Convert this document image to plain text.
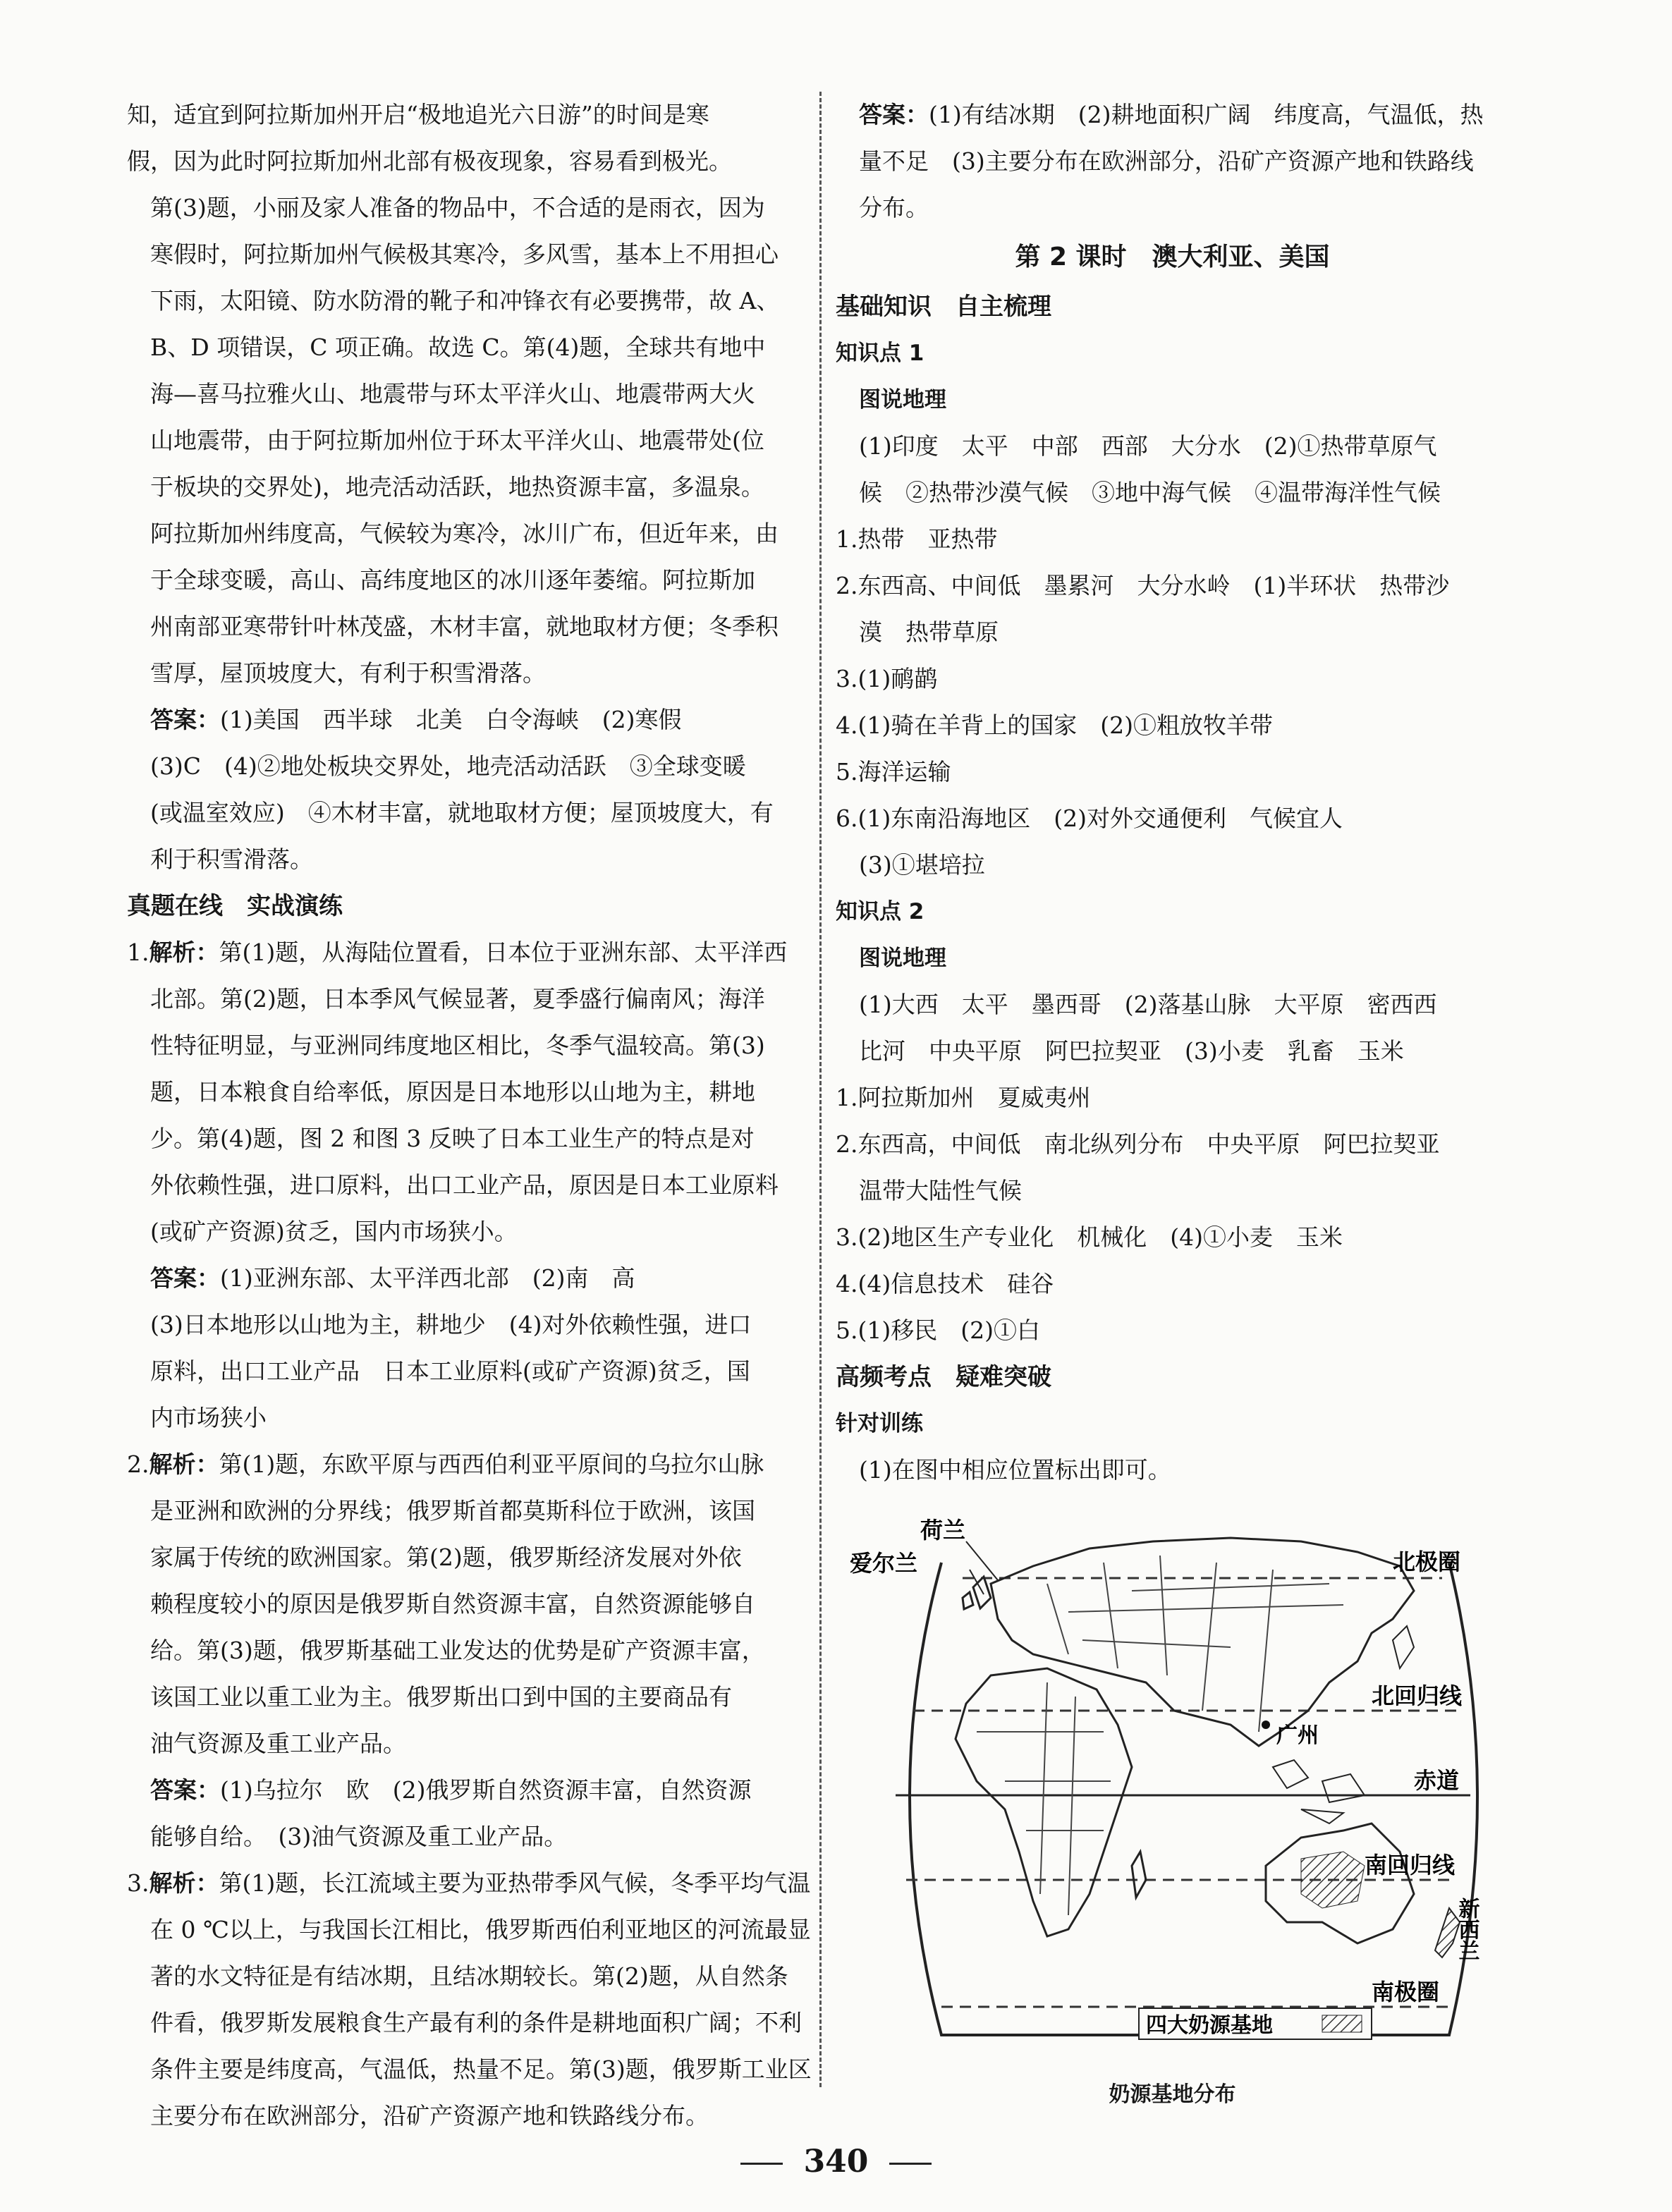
知，适宜到阿拉斯加州开启“极地追光六日游”的时间是寒
假，因为此时阿拉斯加州北部有极夜现象，容易看到极光。
第(3)题，小丽及家人准备的物品中，不合适的是雨衣，因为
寒假时，阿拉斯加州气候极其寒冷，多风雪，基本上不用担心
下雨，太阳镜、防水防滑的靴子和冲锋衣有必要携带，故 A、
B、D 项错误，C 项正确。故选 C。第(4)题，全球共有地中
海—喜马拉雅火山、地震带与环太平洋火山、地震带两大火
山地震带，由于阿拉斯加州位于环太平洋火山、地震带处(位
于板块的交界处)，地壳活动活跃，地热资源丰富，多温泉。
阿拉斯加州纬度高，气候较为寒冷，冰川广布，但近年来，由
于全球变暖，高山、高纬度地区的冰川逐年萎缩。阿拉斯加
州南部亚寒带针叶林茂盛，木材丰富，就地取材方便；冬季积
雪厚，屋顶坡度大，有利于积雪滑落。
答案：(1)美国　西半球　北美　白令海峡　(2)寒假
(3)C　(4)②地处板块交界处，地壳活动活跃　③全球变暖
(或温室效应)　④木材丰富，就地取材方便；屋顶坡度大，有
利于积雪滑落。
真题在线　实战演练
1.解析：第(1)题，从海陆位置看，日本位于亚洲东部、太平洋西
北部。第(2)题，日本季风气候显著，夏季盛行偏南风；海洋
性特征明显，与亚洲同纬度地区相比，冬季气温较高。第(3)
题，日本粮食自给率低，原因是日本地形以山地为主，耕地
少。第(4)题，图 2 和图 3 反映了日本工业生产的特点是对
外依赖性强，进口原料，出口工业产品，原因是日本工业原料
(或矿产资源)贫乏，国内市场狭小。
答案：(1)亚洲东部、太平洋西北部　(2)南　高
(3)日本地形以山地为主，耕地少　(4)对外依赖性强，进口
原料，出口工业产品　日本工业原料(或矿产资源)贫乏，国
内市场狭小
2.解析：第(1)题，东欧平原与西西伯利亚平原间的乌拉尔山脉
是亚洲和欧洲的分界线；俄罗斯首都莫斯科位于欧洲，该国
家属于传统的欧洲国家。第(2)题，俄罗斯经济发展对外依
赖程度较小的原因是俄罗斯自然资源丰富，自然资源能够自
给。第(3)题，俄罗斯基础工业发达的优势是矿产资源丰富，
该国工业以重工业为主。俄罗斯出口到中国的主要商品有
油气资源及重工业产品。
答案：(1)乌拉尔　欧　(2)俄罗斯自然资源丰富，自然资源
能够自给。　(3)油气资源及重工业产品。
3.解析：第(1)题，长江流域主要为亚热带季风气候，冬季平均气温
在 0 ℃以上，与我国长江相比，俄罗斯西伯利亚地区的河流最显
著的水文特征是有结冰期，且结冰期较长。第(2)题，从自然条
件看，俄罗斯发展粮食生产最有利的条件是耕地面积广阔；不利
条件主要是纬度高，气温低，热量不足。第(3)题，俄罗斯工业区
主要分布在欧洲部分，沿矿产资源产地和铁路线分布。
答案：(1)有结冰期　(2)耕地面积广阔　纬度高，气温低，热
量不足　(3)主要分布在欧洲部分，沿矿产资源产地和铁路线
分布。
第 2 课时　澳大利亚、美国
基础知识　自主梳理
知识点 1
图说地理
(1)印度　太平　中部　西部　大分水　(2)①热带草原气
候　②热带沙漠气候　③地中海气候　④温带海洋性气候
1.热带　亚热带
2.东西高、中间低　墨累河　大分水岭　(1)半环状　热带沙
漠　热带草原
3.(1)鸸鹋
4.(1)骑在羊背上的国家　(2)①粗放牧羊带
5.海洋运输
6.(1)东南沿海地区　(2)对外交通便利　气候宜人
(3)①堪培拉
知识点 2
图说地理
(1)大西　太平　墨西哥　(2)落基山脉　大平原　密西西
比河　中央平原　阿巴拉契亚　(3)小麦　乳畜　玉米
1.阿拉斯加州　夏威夷州
2.东西高，中间低　南北纵列分布　中央平原　阿巴拉契亚
温带大陆性气候
3.(2)地区生产专业化　机械化　(4)①小麦　玉米
4.(4)信息技术　硅谷
5.(1)移民　(2)①白
高频考点　疑难突破
针对训练
(1)在图中相应位置标出即可。
荷兰
爱尔兰	北极圈
北回归线
广州
赤道
南回归线
新西兰
南极圈
四大奶源基地
奶源基地分布
340
